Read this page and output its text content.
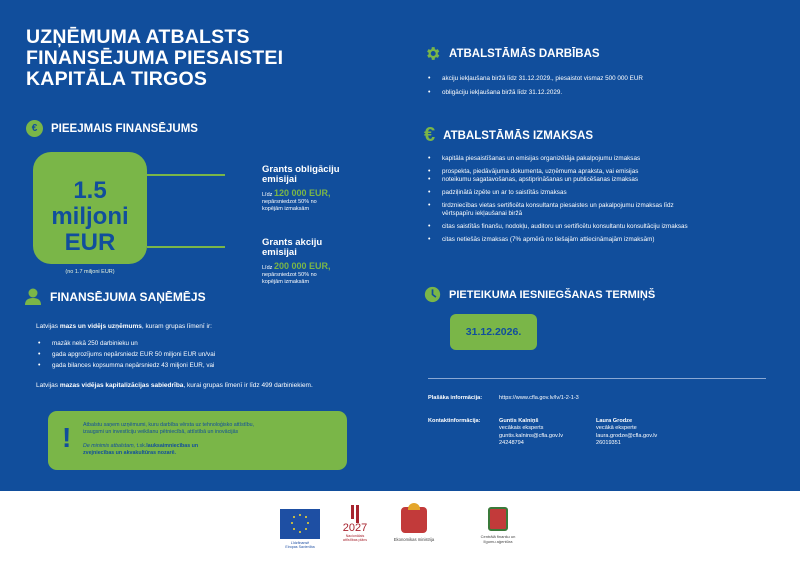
UZŅĒMUMA ATBALSTS
FINANSĒJUMA PIESAISTEI
KAPITĀLA TIRGOS
€	PIEEJMAIS FINANSĒJUMS
1.5 miljoni
EUR
(no 1.7 miljoni EUR)
Grants obligāciju
emisijai
Līdz 120 000 EUR,
nepārsniedzot 50% no
kopējām izmaksām
Grants akciju
emisijai
Līdz 200 000 EUR,
nepārsniedzot 50% no
kopējām izmaksām
FINANSĒJUMA SAŅĒMĒJS
Latvijas mazs un vidējs uzņēmums, kuram grupas līmenī ir:
• mazāk nekā 250 darbinieku un
• gada apgrozījums nepārsniedz EUR 50 miljoni EUR un/vai
• gada bilances kopsumma nepārsniedz 43 miljoni EUR, vai
Latvijas mazas vidējas kapitalizācijas sabiedrība, kurai grupas līmenī ir līdz 499 darbiniekiem.
! Atbalstu saņem uzņēmumi, kuru darbība vērsta uz tehnoloģisko attīstību,
izaugsmi un investīciju veikšanu pētniecībā, attīstībā un inovācijās
De minimis atbalstam, t.sk.lauksaimniecības un
zvejniecības un akvakultūras nozarē.
ATBALSTĀMĀS DARBĪBAS
• akciju iekļaušana biržā līdz 31.12.2029., piesaistot vismaz 500 000 EUR
• obligāciju iekļaušana biržā līdz 31.12.2029.
€ ATBALSTĀMĀS IZMAKSAS
• kapitāla piesaistīšanas un emisijas organizētāja pakalpojumu izmaksas
• prospekta, piedāvājuma dokumenta, uzņēmuma apraksta, vai emisijas
• noteikumu sagatavošanas, apstiprināšanas un publicēšanas izmaksas
• padziļinātā izpēte un ar to saistītās izmaksas
• tirdzniecības vietas sertificēta konsultanta piesaistes un pakalpojumu izmaksas līdz
vērtspapīru iekļaušanai biržā
• citas saistītās finanšu, nodokļu, auditoru un sertificētu konsultantu konsultāciju izmaksas
• citas netiešās izmaksas (7% apmērā no tiešajām attiecināmajām izmaksām)
PIETEIKUMA IESNIEGŠANAS TERMIŅŠ
31.12.2026.
Plašāka informācija:	https://www.cfla.gov.lv/lv/1-2-1-3
Kontaktinformācija:	Guntis Kalniņš
vecākais eksperts
guntis.kalnins@cfla.gov.lv
24248794
Laura Grodze
vecākā eksperte
laura.grodze@cfla.gov.lv
26019351
Līdzfinansē
Eiropas Savienība
2027
Nacionālais
attīstības plāns	Ekonomikas ministrija
Centrālā finanšu un
līgumu aģentūra
